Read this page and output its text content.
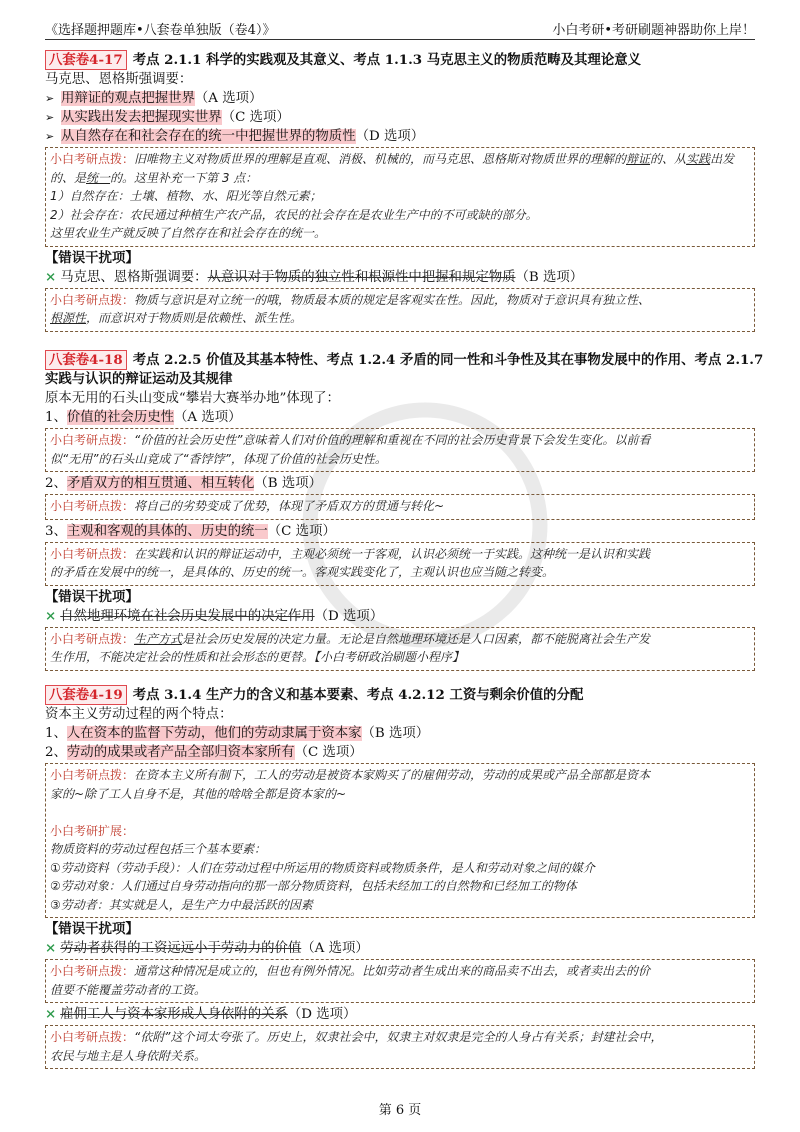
《选择题押题库•八套卷单独版（卷4）》	小白考研•考研刷题神器助你上岸！
八套卷4-17 考点 2.1.1 科学的实践观及其意义、考点 1.1.3 马克思主义的物质范畴及其理论意义
马克思、恩格斯强调要：
➢ 用辩证的观点把握世界（A 选项）
➢ 从实践出发去把握现实世界（C 选项）
➢ 从自然存在和社会存在的统一中把握世界的物质性（D 选项）
小白考研点拨：旧唯物主义对物质世界的理解是直观、消极、机械的，而马克思、恩格斯对物质世界的理解的辩证的、从实践出发的、是统一的。这里补充一下第 3 点：
1）自然存在：土壤、植物、水、阳光等自然元素；
2）社会存在：农民通过种植生产农产品，农民的社会存在是农业生产中的不可或缺的部分。
这里农业生产就反映了自然存在和社会存在的统一。
【错误干扰项】
× 马克思、恩格斯强调要：从意识对于物质的独立性和根源性中把握和规定物质（B 选项）
小白考研点拨：物质与意识是对立统一的哦，物质最本质的规定是客观实在性。因此，物质对于意识具有独立性、
根源性，而意识对于物质则是依赖性、派生性。
八套卷4-18 考点 2.2.5 价值及其基本特性、考点 1.2.4 矛盾的同一性和斗争性及其在事物发展中的作用、考点 2.1.7
实践与认识的辩证运动及其规律
原本无用的石头山变成“攀岩大赛举办地”体现了：
1、价值的社会历史性（A 选项）
小白考研点拨：“价值的社会历史性”意味着人们对价值的理解和重视在不同的社会历史背景下会发生变化。以前看
似“无用”的石头山竟成了“香饽饽”，体现了价值的社会历史性。
2、矛盾双方的相互贯通、相互转化（B 选项）
小白考研点拨：将自己的劣势变成了优势，体现了矛盾双方的贯通与转化~
3、主观和客观的具体的、历史的统一（C 选项）
小白考研点拨：在实践和认识的辩证运动中，主观必须统一于客观，认识必须统一于实践。这种统一是认识和实践
的矛盾在发展中的统一，是具体的、历史的统一。客观实践变化了，主观认识也应当随之转变。
【错误干扰项】
× 自然地理环境在社会历史发展中的决定作用（D 选项）
小白考研点拨：生产方式是社会历史发展的决定力量。无论是自然地理环境还是人口因素，都不能脱离社会生产发
生作用，不能决定社会的性质和社会形态的更替。【小白考研政治刷题小程序】
八套卷4-19 考点 3.1.4 生产力的含义和基本要素、考点 4.2.12 工资与剩余价值的分配
资本主义劳动过程的两个特点：
1、人在资本的监督下劳动，他们的劳动隶属于资本家（B 选项）
2、劳动的成果或者产品全部归资本家所有（C 选项）
小白考研点拨：在资本主义所有制下，工人的劳动是被资本家购买了的雇佣劳动，劳动的成果或产品全部都是资本
家的~除了工人自身不是，其他的啥啥全都是资本家的~

小白考研扩展：
物质资料的劳动过程包括三个基本要素：
①劳动资料（劳动手段）：人们在劳动过程中所运用的物质资料或物质条件，是人和劳动对象之间的媒介
②劳动对象：人们通过自身劳动指向的那一部分物质资料，包括未经加工的自然物和已经加工的物体
③劳动者：其实就是人，是生产力中最活跃的因素
【错误干扰项】
× 劳动者获得的工资远远小于劳动力的价值（A 选项）
小白考研点拨：通常这种情况是成立的，但也有例外情况。比如劳动者生成出来的商品卖不出去，或者卖出去的价
值要不能覆盖劳动者的工资。
× 雇佣工人与资本家形成人身依附的关系（D 选项）
小白考研点拨：“依附”这个词太夸张了。历史上，奴隶社会中，奴隶主对奴隶是完全的人身占有关系；封建社会中，
农民与地主是人身依附关系。
第 6 页
